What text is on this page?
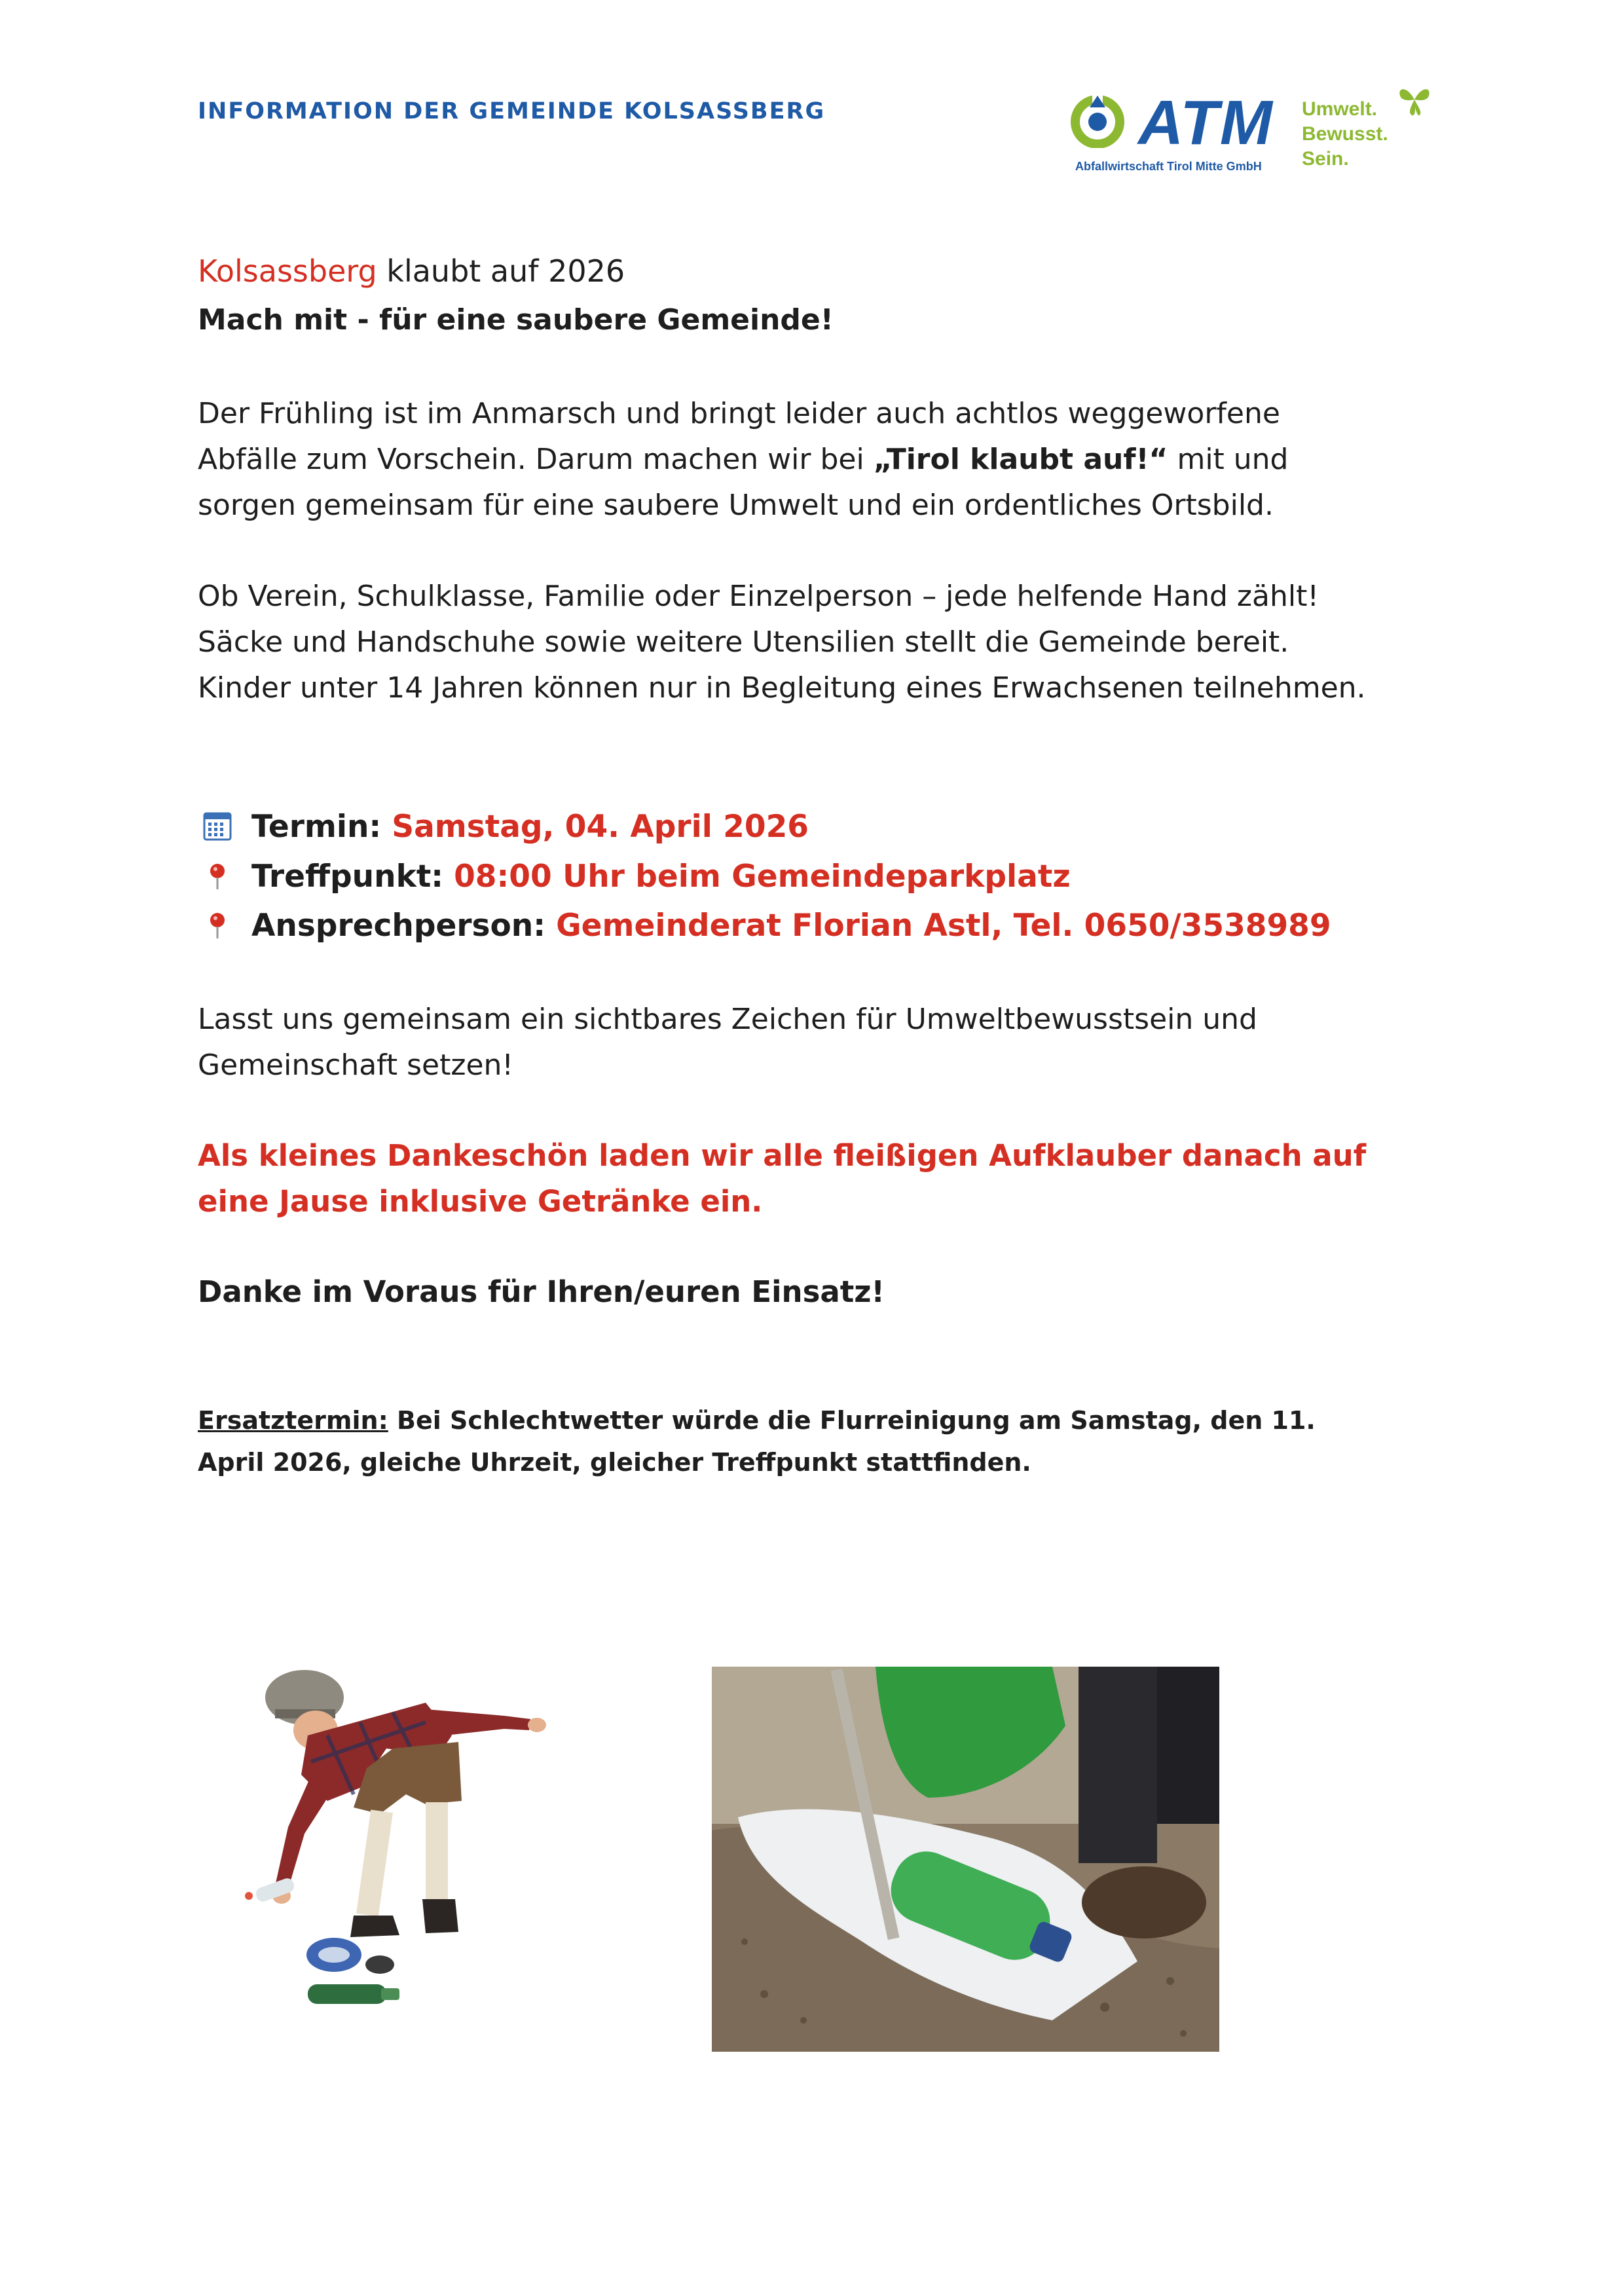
INFORMATION DER GEMEINDE KOLSASSBERG	ATM
Abfallwirtschaft Tirol Mitte GmbH
Umwelt.
Bewusst.
Sein.
Kolsassberg klaubt auf 2026
Mach mit - für eine saubere Gemeinde!
Der Frühling ist im Anmarsch und bringt leider auch achtlos weggeworfene Abfälle zum Vorschein. Darum machen wir bei „Tirol klaubt auf!“ mit und sorgen gemeinsam für eine saubere Umwelt und ein ordentliches Ortsbild.
Ob Verein, Schulklasse, Familie oder Einzelperson – jede helfende Hand zählt! Säcke und Handschuhe sowie weitere Utensilien stellt die Gemeinde bereit. Kinder unter 14 Jahren können nur in Begleitung eines Erwachsenen teilnehmen.
Termin: Samstag, 04. April 2026
Treffpunkt: 08:00 Uhr beim Gemeindeparkplatz
Ansprechperson: Gemeinderat Florian Astl, Tel. 0650/3538989
Lasst uns gemeinsam ein sichtbares Zeichen für Umweltbewusstsein und Gemeinschaft setzen!
Als kleines Dankeschön laden wir alle fleißigen Aufklauber danach auf eine Jause inklusive Getränke ein.
Danke im Voraus für Ihren/euren Einsatz!
Ersatztermin: Bei Schlechtwetter würde die Flurreinigung am Samstag, den 11. April 2026, gleiche Uhrzeit, gleicher Treffpunkt stattfinden.
